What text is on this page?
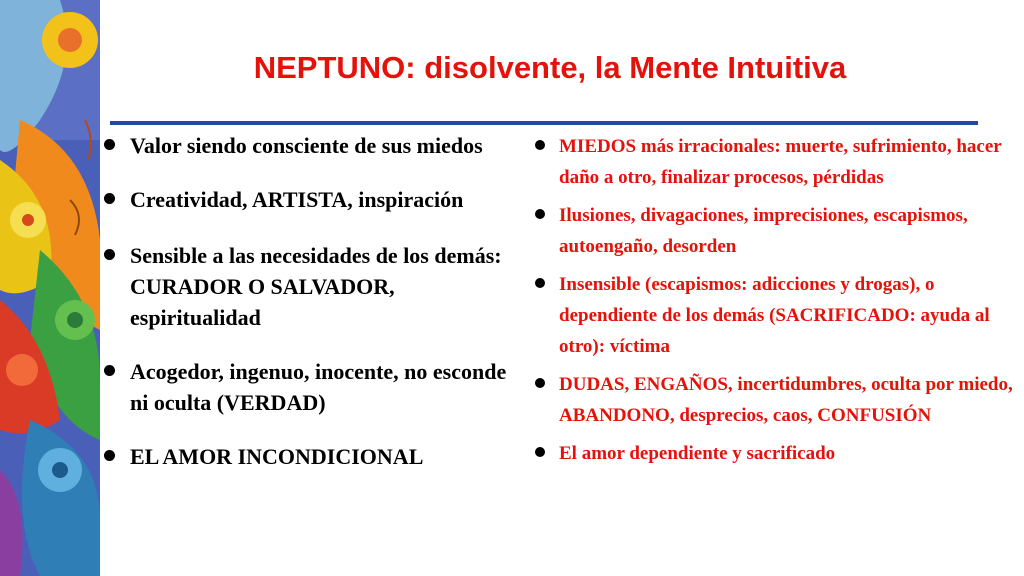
NEPTUNO: disolvente, la Mente Intuitiva
Valor siendo consciente de sus miedos
Creatividad, ARTISTA, inspiración
Sensible a las necesidades de los demás: CURADOR O SALVADOR, espiritualidad
Acogedor, ingenuo, inocente, no esconde ni oculta (VERDAD)
EL AMOR INCONDICIONAL
MIEDOS más irracionales: muerte, sufrimiento, hacer daño a otro, finalizar procesos, pérdidas
Ilusiones, divagaciones, imprecisiones, escapismos, autoengaño, desorden
Insensible (escapismos: adicciones y drogas), o dependiente de los demás (SACRIFICADO: ayuda al otro): víctima
DUDAS, ENGAÑOS, incertidumbres, oculta por miedo, ABANDONO, desprecios, caos, CONFUSIÓN
El amor dependiente y sacrificado
